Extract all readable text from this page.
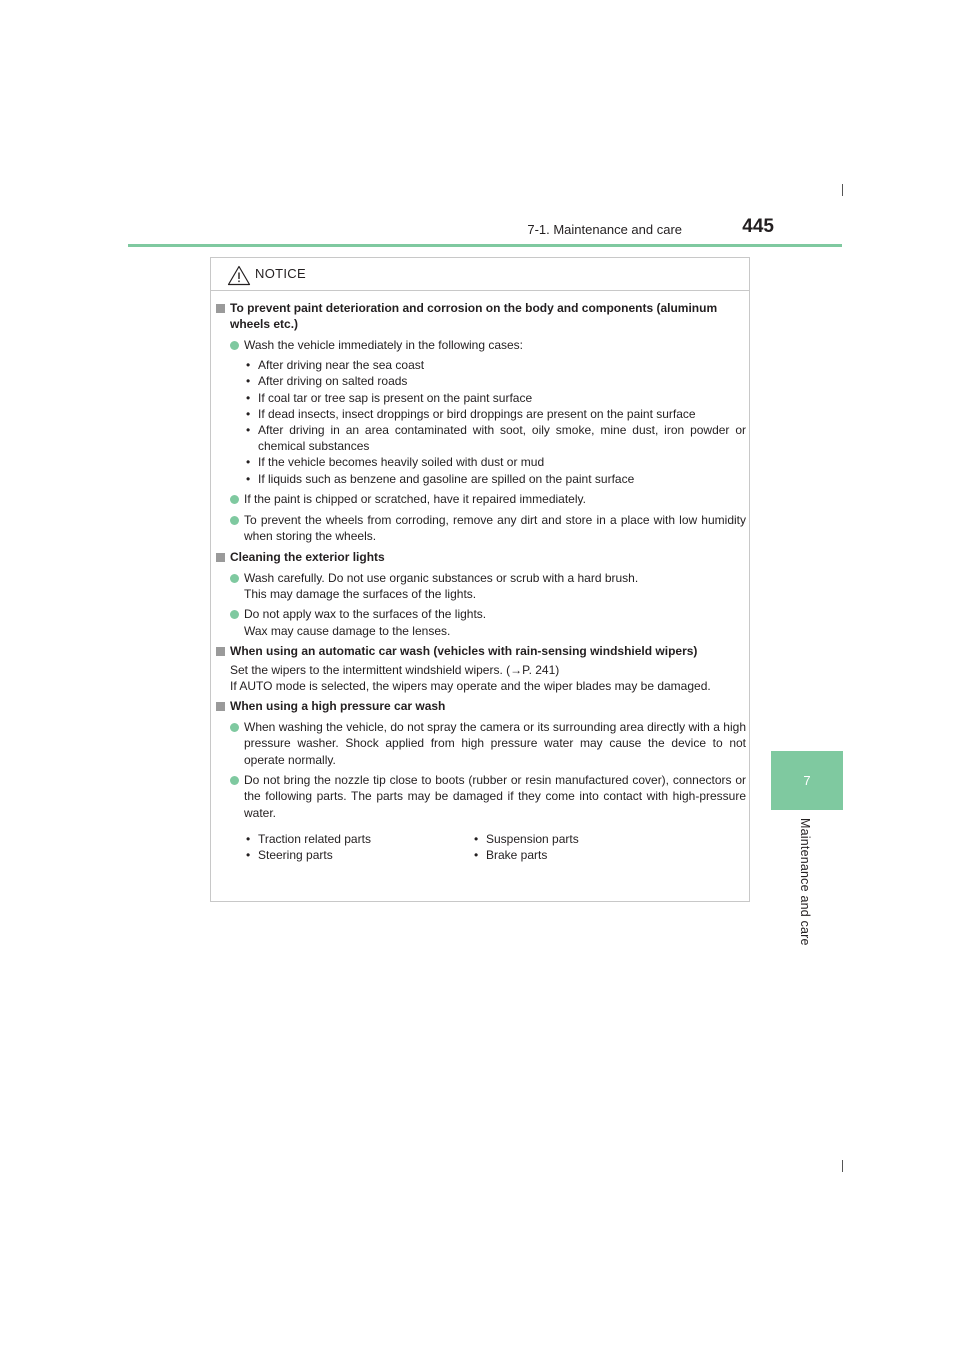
7-1. Maintenance and care	445
7
Maintenance and care
NOTICE
To prevent paint deterioration and corrosion on the body and components (aluminum wheels etc.)
Wash the vehicle immediately in the following cases:
• After driving near the sea coast
• After driving on salted roads
• If coal tar or tree sap is present on the paint surface
• If dead insects, insect droppings or bird droppings are present on the paint surface
• After driving in an area contaminated with soot, oily smoke, mine dust, iron powder or chemical substances
• If the vehicle becomes heavily soiled with dust or mud
• If liquids such as benzene and gasoline are spilled on the paint surface
If the paint is chipped or scratched, have it repaired immediately.
To prevent the wheels from corroding, remove any dirt and store in a place with low humidity when storing the wheels.
Cleaning the exterior lights
Wash carefully. Do not use organic substances or scrub with a hard brush.
This may damage the surfaces of the lights.
Do not apply wax to the surfaces of the lights.
Wax may cause damage to the lenses.
When using an automatic car wash (vehicles with rain-sensing windshield wipers)
Set the wipers to the intermittent windshield wipers. (→P. 241)
If AUTO mode is selected, the wipers may operate and the wiper blades may be damaged.
When using a high pressure car wash
When washing the vehicle, do not spray the camera or its surrounding area directly with a high pressure washer. Shock applied from high pressure water may cause the device to not operate normally.
Do not bring the nozzle tip close to boots (rubber or resin manufactured cover), connectors or the following parts. The parts may be damaged if they come into contact with high-pressure water.
• Traction related parts	• Suspension parts
• Steering parts	• Brake parts
